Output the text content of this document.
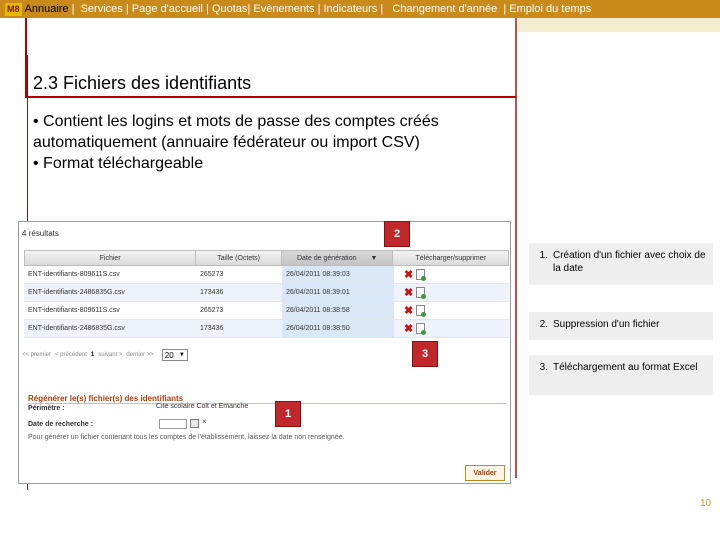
M8 Annuaire | Services | Page d'accueil | Quotas | Evènements | Indicateurs | Changement d'année | Emploi du temps
2.3 Fichiers des identifiants
• Contient les logins et mots de passe des comptes créés automatiquement (annuaire fédérateur ou import CSV)
• Format téléchargeable
4 résultats
Fichier	Taille (Octets)	Date de génération ▼	Télécharger/supprimer
ENT-identifiants-809611S.csv	265273	26/04/2011 08:39:03	✖
ENT-identifiants-2486835G.csv	173436	26/04/2011 08:39:01	✖
ENT-identifiants-809611S.csv	265273	26/04/2011 08:38:58	✖
ENT-identifiants-2486835G.csv	173436	26/04/2011 08:38:50	✖
<< premier < précédent 1 suivant > dernier >> 20 ▼
Régénérer le(s) fichier(s) des identifiants
Périmètre :	Cite scolaire Colt et Emanche
Date de recherche :	×
Pour générer un fichier contenant tous les comptes de l'établissement, laissez la date non renseignée.
Valider
2
3
1
1. Création d'un fichier avec choix de la date
2. Suppression d'un fichier
3. Téléchargement au format Excel
10
